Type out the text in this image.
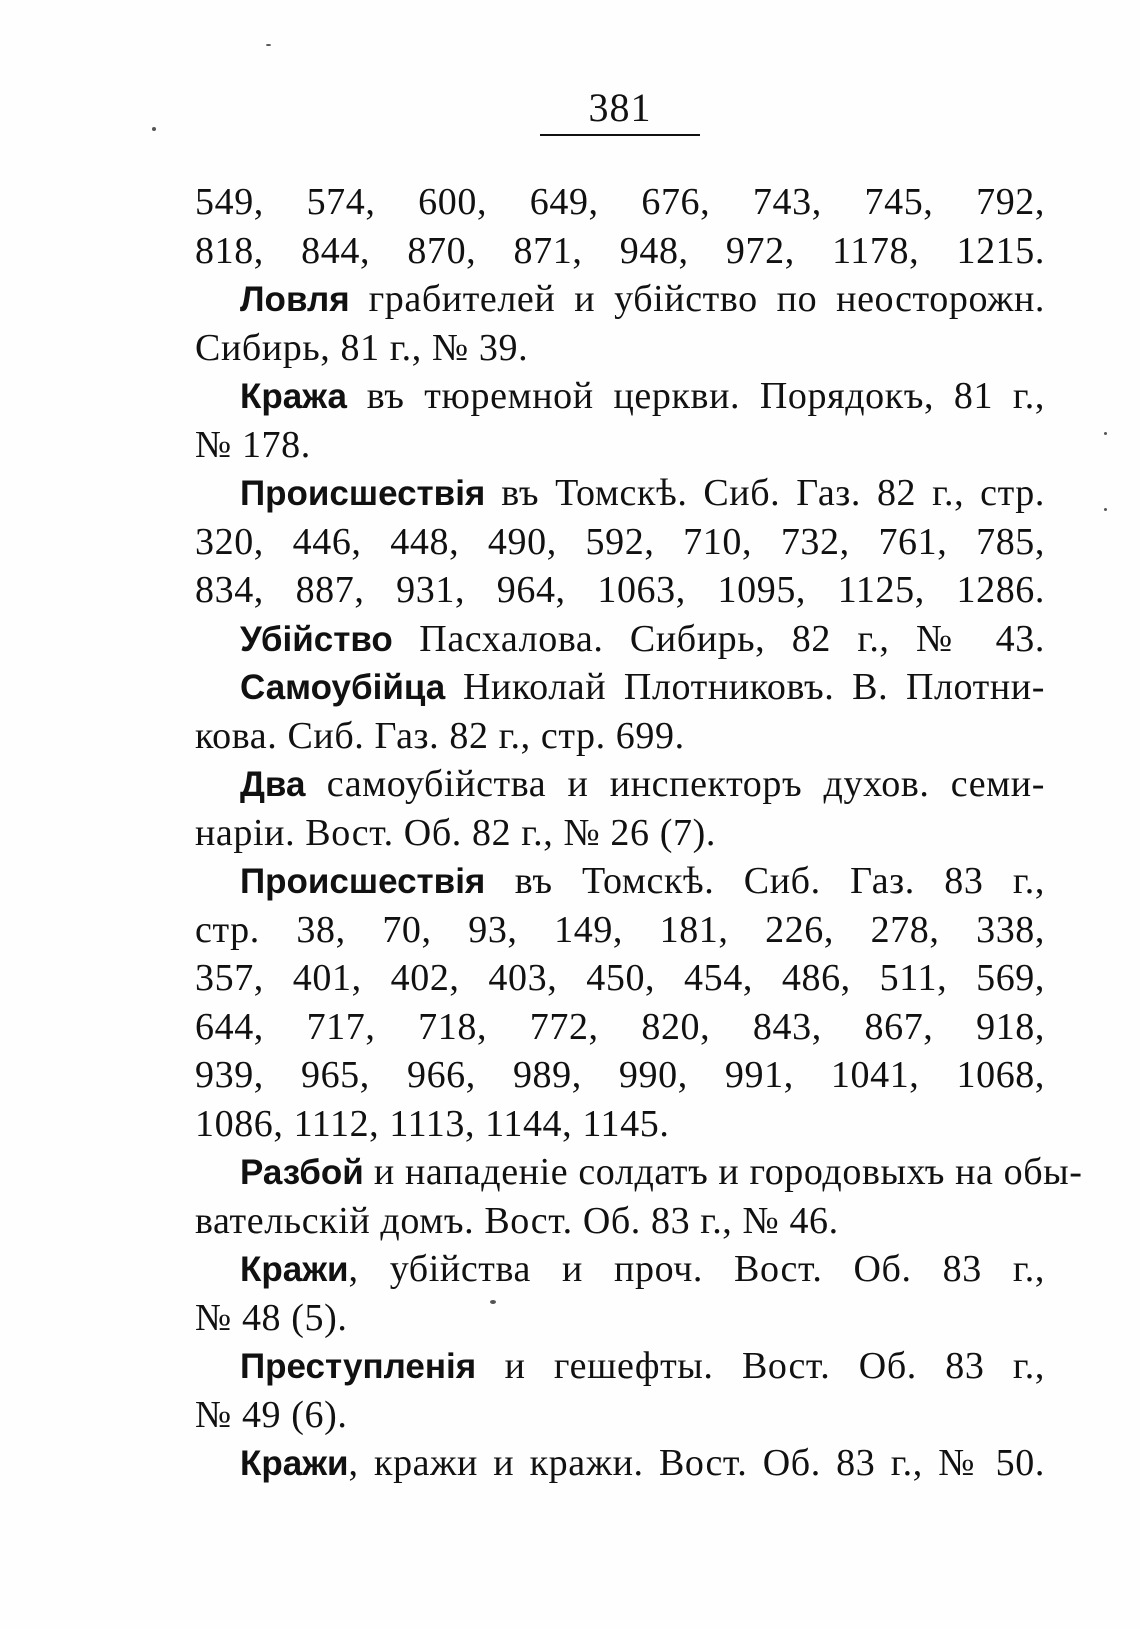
381
549, 574, 600, 649, 676, 743, 745, 792,
818, 844, 870, 871, 948, 972, 1178, 1215.
Ловля грабителей и убійство по неосторожн.
Сибирь, 81 г., № 39.
Кража въ тюремной церкви. Порядокъ, 81 г.,
№ 178.
Происшествія въ Томскѣ. Сиб. Газ. 82 г., стр.
320, 446, 448, 490, 592, 710, 732, 761, 785,
834, 887, 931, 964, 1063, 1095, 1125, 1286.
Убійство Пасхалова. Сибирь, 82 г., № 43.
Самоубійца Николай Плотниковъ. В. Плотни-
кова. Сиб. Газ. 82 г., стр. 699.
Два самоубійства и инспекторъ духов. семи-
наріи. Вост. Об. 82 г., № 26 (7).
Происшествія въ Томскѣ. Сиб. Газ. 83 г.,
стр. 38, 70, 93, 149, 181, 226, 278, 338,
357, 401, 402, 403, 450, 454, 486, 511, 569,
644, 717, 718, 772, 820, 843, 867, 918,
939, 965, 966, 989, 990, 991, 1041, 1068,
1086, 1112, 1113, 1144, 1145.
Разбой и нападеніе солдатъ и городовыхъ на обы-
вательскій домъ. Вост. Об. 83 г., № 46.
Кражи, убійства и проч. Вост. Об. 83 г.,
№ 48 (5).
Преступленія и гешефты. Вост. Об. 83 г.,
№ 49 (6).
Кражи, кражи и кражи. Вост. Об. 83 г., № 50.
